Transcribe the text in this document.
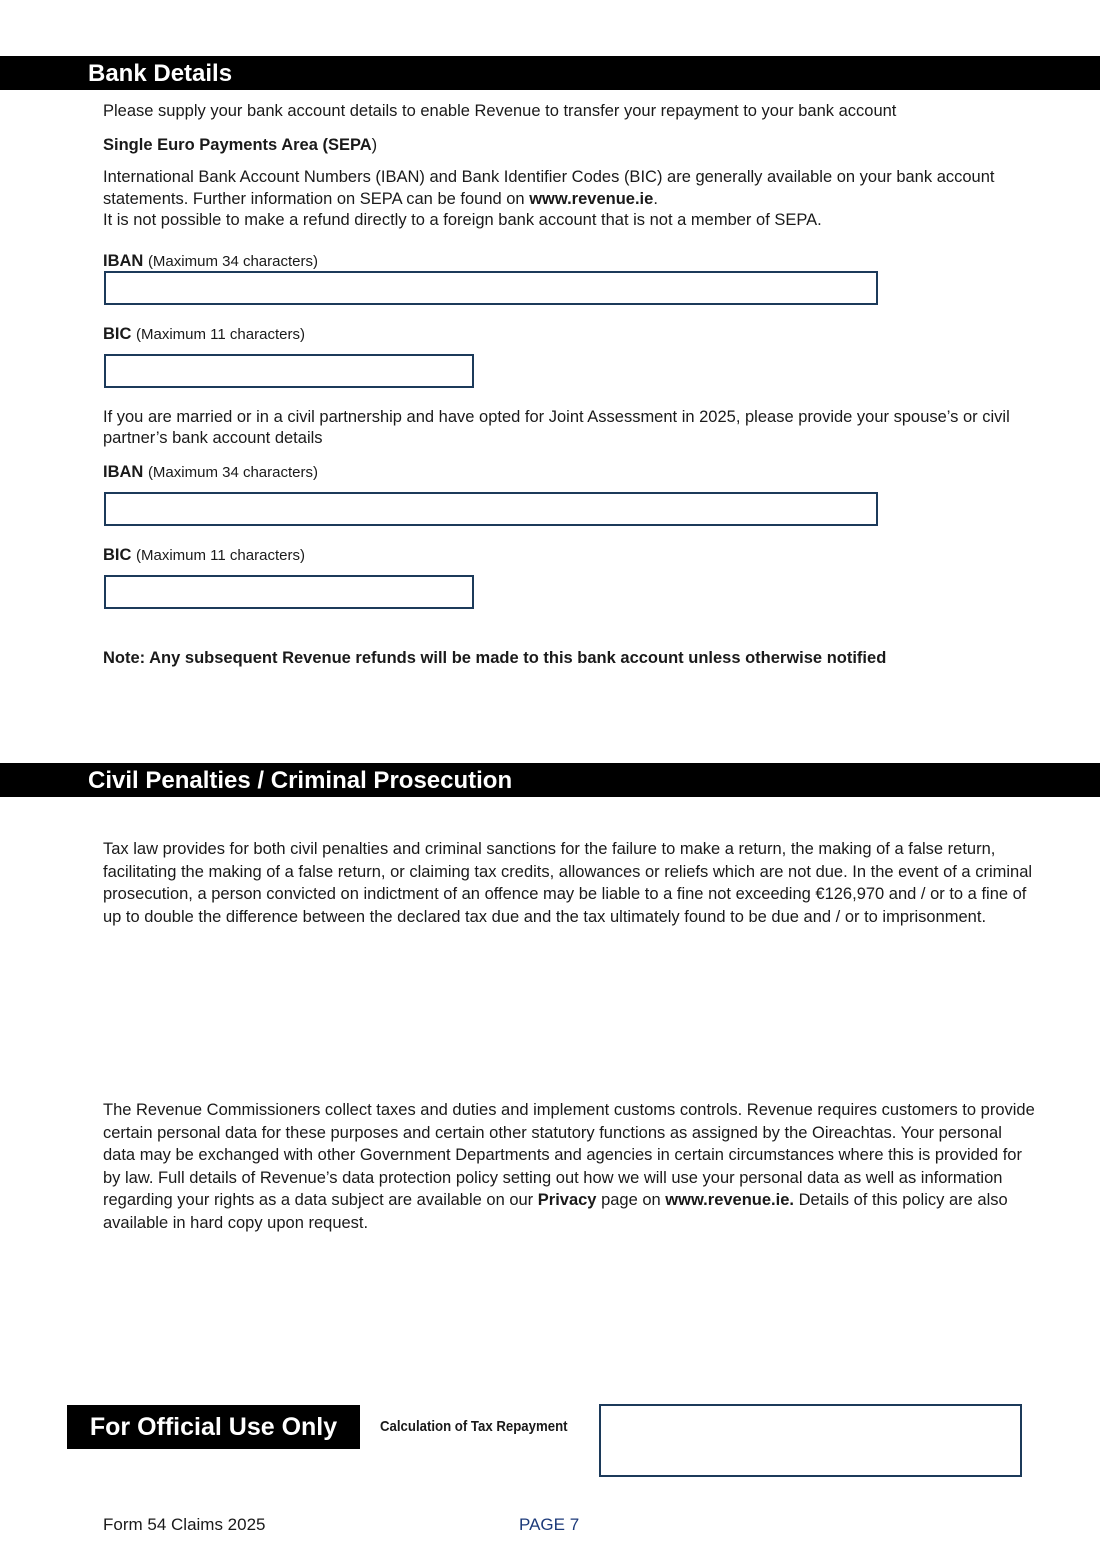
Bank Details

Please supply your bank account details to enable Revenue to transfer your repayment to your bank account

Single Euro Payments Area (SEPA)

International Bank Account Numbers (IBAN) and Bank Identifier Codes (BIC) are generally available on your bank account statements. Further information on SEPA can be found on www.revenue.ie.
It is not possible to make a refund directly to a foreign bank account that is not a member of SEPA.

IBAN (Maximum 34 characters)
BIC (Maximum 11 characters)

If you are married or in a civil partnership and have opted for Joint Assessment in 2025, please provide your spouse’s or civil partner’s bank account details

IBAN (Maximum 34 characters)
BIC (Maximum 11 characters)

Note: Any subsequent Revenue refunds will be made to this bank account unless otherwise notified

Civil Penalties / Criminal Prosecution

Tax law provides for both civil penalties and criminal sanctions for the failure to make a return, the making of a false return, facilitating the making of a false return, or claiming tax credits, allowances or reliefs which are not due. In the event of a criminal prosecution, a person convicted on indictment of an offence may be liable to a fine not exceeding €126,970 and / or to a fine of up to double the difference between the declared tax due and the tax ultimately found to be due and / or to imprisonment.

The Revenue Commissioners collect taxes and duties and implement customs controls. Revenue requires customers to provide certain personal data for these purposes and certain other statutory functions as assigned by the Oireachtas. Your personal data may be exchanged with other Government Departments and agencies in certain circumstances where this is provided for by law. Full details of Revenue’s data protection policy setting out how we will use your personal data as well as information regarding your rights as a data subject are available on our Privacy page on www.revenue.ie. Details of this policy are also available in hard copy upon request.

For Official Use Only	Calculation of Tax Repayment
Form 54 Claims 2025	PAGE 7
